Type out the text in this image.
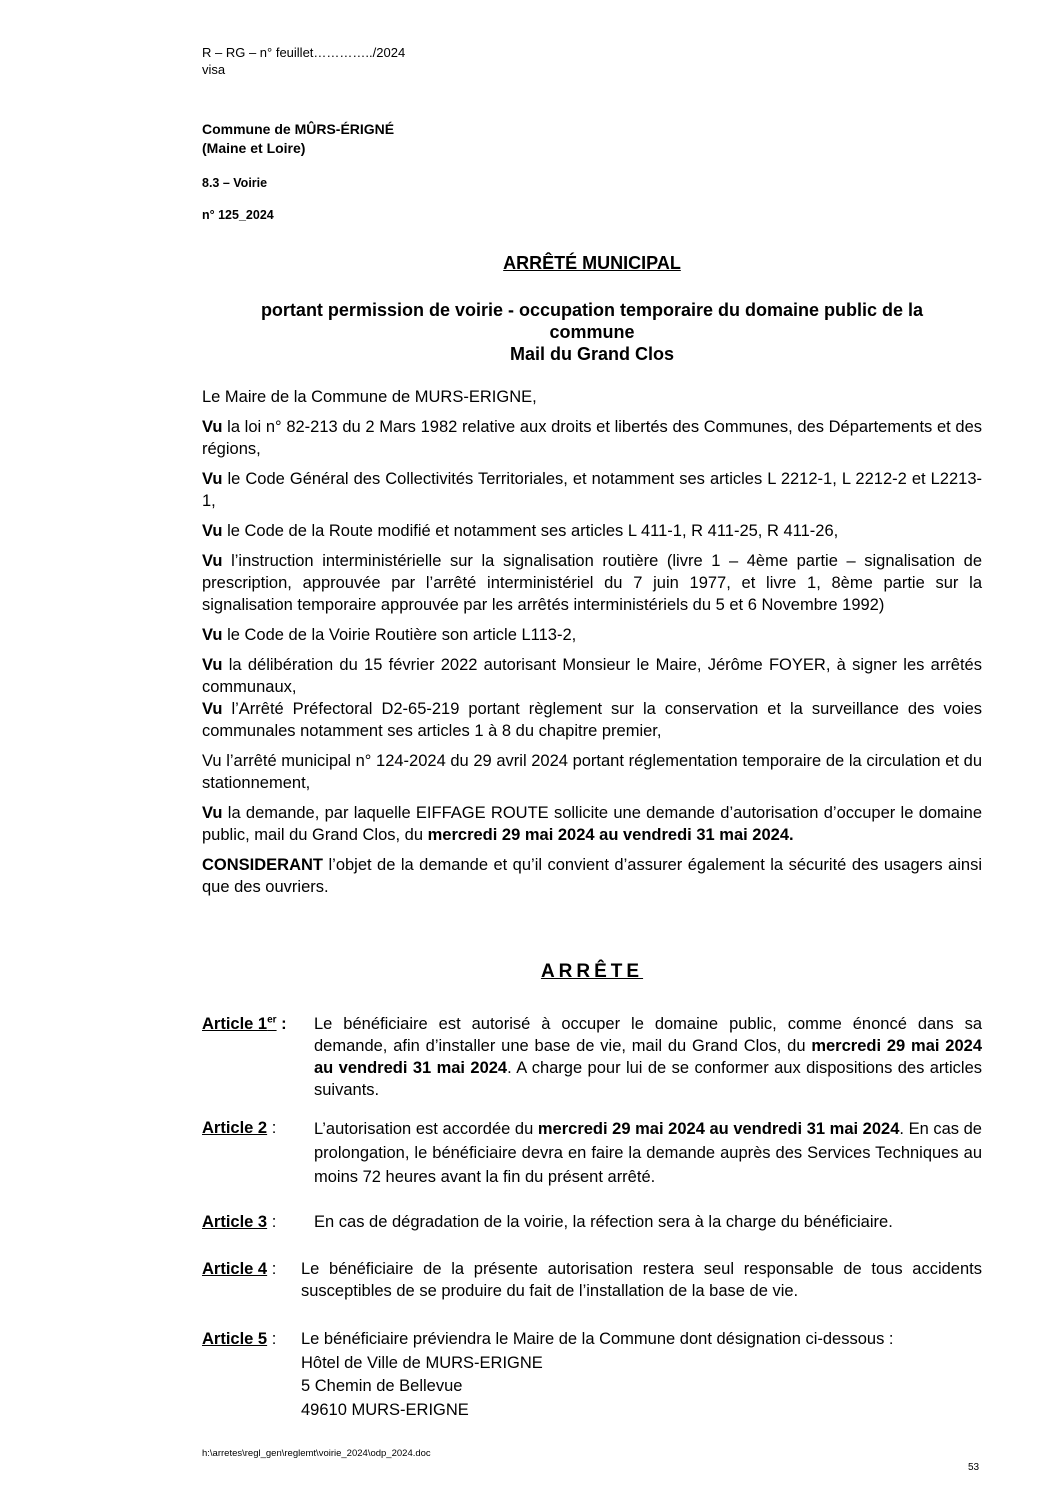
R – RG – n° feuillet…………../2024
visa
Commune de MÛRS-ÉRIGNÉ
(Maine et Loire)
8.3 – Voirie
n° 125_2024
ARRÊTÉ MUNICIPAL
portant permission de voirie - occupation temporaire du domaine public de la
commune
Mail du Grand Clos

Le Maire de la Commune de MURS-ERIGNE,

Vu la loi n° 82-213 du 2 Mars 1982 relative aux droits et libertés des Communes, des Départements et des régions,

Vu le Code Général des Collectivités Territoriales, et notamment ses articles L 2212-1, L 2212-2 et L2213-1,

Vu le Code de la Route modifié et notamment ses articles L 411-1, R 411-25, R 411-26,

Vu l’instruction interministérielle sur la signalisation routière (livre 1 – 4ème partie – signalisation de prescription, approuvée par l’arrêté interministériel du 7 juin 1977, et livre 1, 8ème partie sur la signalisation temporaire approuvée par les arrêtés interministériels du 5 et 6 Novembre 1992)

Vu le Code de la Voirie Routière son article L113-2,

Vu la délibération du 15 février 2022 autorisant Monsieur le Maire, Jérôme FOYER, à signer les arrêtés communaux,

Vu l’Arrêté Préfectoral D2-65-219 portant règlement sur la conservation et la surveillance des voies communales notamment ses articles 1 à 8 du chapitre premier,

Vu l’arrêté municipal n° 124-2024 du 29 avril 2024 portant réglementation temporaire de la circulation et du stationnement,

Vu la demande, par laquelle EIFFAGE ROUTE sollicite une demande d’autorisation d’occuper le domaine public, mail du Grand Clos, du mercredi 29 mai 2024 au vendredi 31 mai 2024.

CONSIDERANT l’objet de la demande et qu’il convient d’assurer également la sécurité des usagers ainsi que des ouvriers.

ARRÊTE
Article 1er : Le bénéficiaire est autorisé à occuper le domaine public, comme énoncé dans sa demande, afin d’installer une base de vie, mail du Grand Clos, du mercredi 29 mai 2024 au vendredi 31 mai 2024. A charge pour lui de se conformer aux dispositions des articles suivants.
Article 2 : L’autorisation est accordée du mercredi 29 mai 2024 au vendredi 31 mai 2024. En cas de prolongation, le bénéficiaire devra en faire la demande auprès des Services Techniques au moins 72 heures avant la fin du présent arrêté.
Article 3 : En cas de dégradation de la voirie, la réfection sera à la charge du bénéficiaire.
Article 4 : Le bénéficiaire de la présente autorisation restera seul responsable de tous accidents susceptibles de se produire du fait de l’installation de la base de vie.
Article 5 : Le bénéficiaire préviendra le Maire de la Commune dont désignation ci-dessous :
Hôtel de Ville de MURS-ERIGNE
5 Chemin de Bellevue
49610 MURS-ERIGNE
h:\arretes\regl_gen\reglemt\voirie_2024\odp_2024.doc
53
